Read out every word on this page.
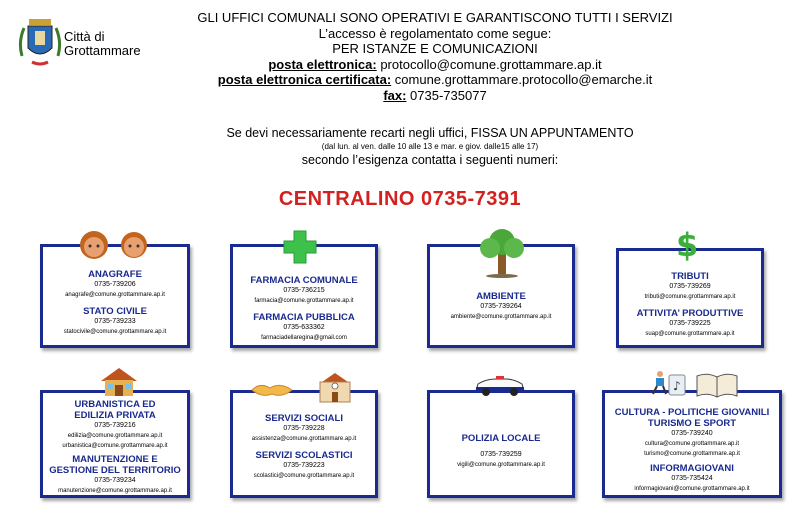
Città di
Grottammare
GLI UFFICI COMUNALI SONO OPERATIVI E GARANTISCONO TUTTI I SERVIZI
L’accesso è regolamentato come segue:
PER ISTANZE E COMUNICAZIONI
posta elettronica: protocollo@comune.grottammare.ap.it
posta elettronica certificata: comune.grottammare.protocollo@emarche.it
fax: 0735-735077
Se devi necessariamente recarti negli uffici, FISSA UN APPUNTAMENTO
(dal lun. al ven. dalle 10 alle 13 e mar. e giov. dalle15 alle 17)
secondo l’esigenza contatta i seguenti numeri:
CENTRALINO 0735-7391
ANAGRAFE
0735-739206
anagrafe@comune.grottammare.ap.it
STATO CIVILE
0735-739233
statocivile@comune.grottammare.ap.it
FARMACIA COMUNALE
0735-736215
farmacia@comune.grottammare.ap.it
FARMACIA PUBBLICA
0735-633362
farmaciadellaregina@gmail.com
AMBIENTE
0735-739264
ambiente@comune.grottammare.ap.it
TRIBUTI
0735-739269
tributi@comune.grottammare.ap.it
ATTIVITA’ PRODUTTIVE
0735-739225
suap@comune.grottammare.ap.it
$
URBANISTICA ED
EDILIZIA PRIVATA
0735-739216
edilizia@comune.grottammare.ap.it
urbanistica@comune.grottammare.ap.it
MANUTENZIONE E
GESTIONE DEL TERRITORIO
0735-739234
manutenzione@comune.grottammare.ap.it
SERVIZI SOCIALI
0735-739228
assistenza@comune.grottammare.ap.it
SERVIZI SCOLASTICI
0735-739223
scolastici@comune.grottammare.ap.it
POLIZIA LOCALE
0735-739259
vigili@comune.grottammare.ap.it
CULTURA - POLITICHE GIOVANILI
TURISMO E SPORT
0735-739240
cultura@comune.grottammare.ap.it
turismo@comune.grottammare.ap.it
INFORMAGIOVANI
0735-735424
informagiovani@comune.grottammare.ap.it
♪
